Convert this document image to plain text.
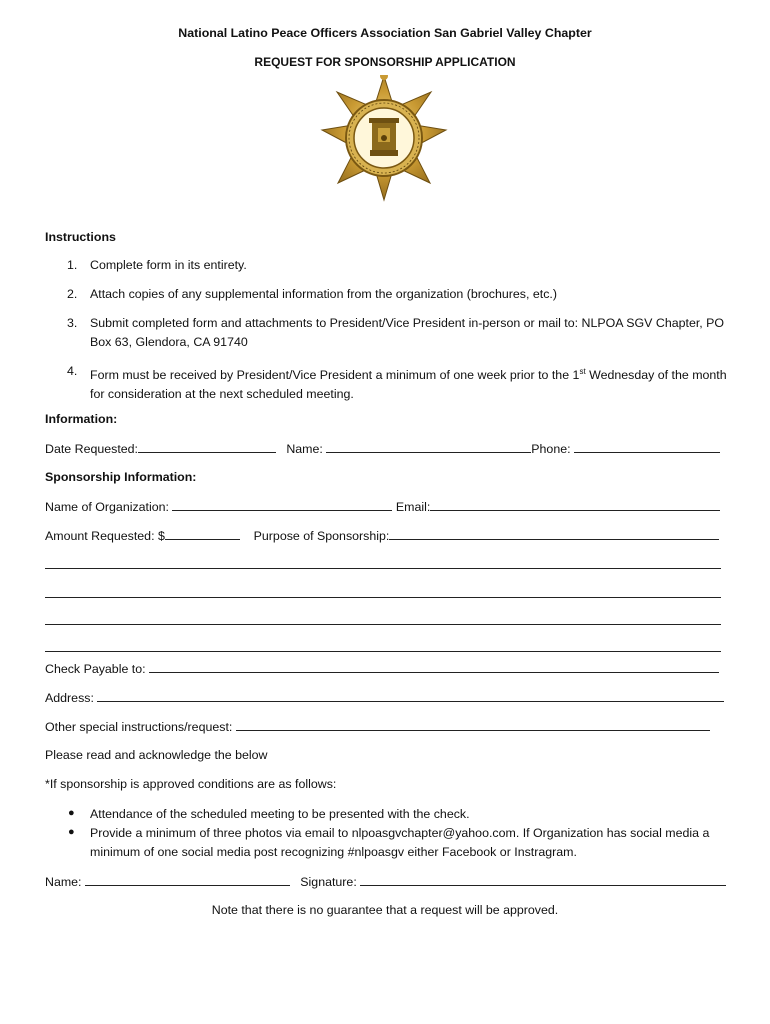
National Latino Peace Officers Association San Gabriel Valley Chapter
REQUEST FOR SPONSORSHIP APPLICATION
Instructions
1. Complete form in its entirety.
2. Attach copies of any supplemental information from the organization (brochures, etc.)
3. Submit completed form and attachments to President/Vice President in-person or mail to: NLPOA SGV Chapter, PO Box 63, Glendora, CA 91740
4. Form must be received by President/Vice President a minimum of one week prior to the 1st Wednesday of the month for consideration at the next scheduled meeting.
Information:
Date Requested:	Name:	Phone:
Sponsorship Information:
Name of Organization:	Email:
Amount Requested: $	Purpose of Sponsorship:
Check Payable to:
Address:
Other special instructions/request:
Please read and acknowledge the below
*If sponsorship is approved conditions are as follows:
● Attendance of the scheduled meeting to be presented with the check.
● Provide a minimum of three photos via email to nlpoasgvchapter@yahoo.com. If Organization has social media a minimum of one social media post recognizing #nlpoasgv either Facebook or Instragram.
Name:	Signature:
Note that there is no guarantee that a request will be approved.
